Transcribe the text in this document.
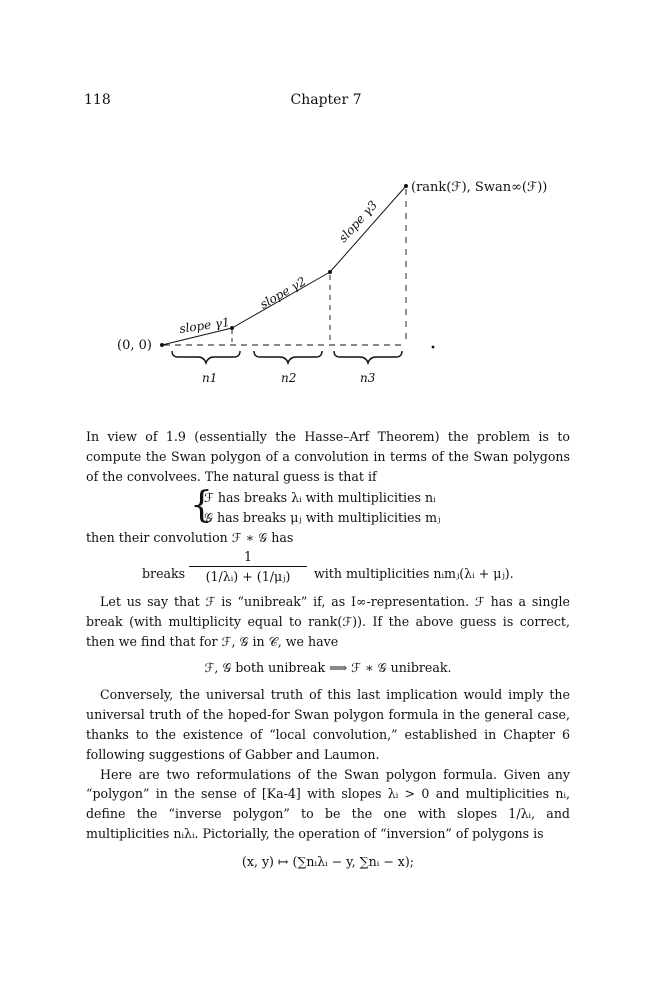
118	Chapter 7
(0, 0)
(rank(ℱ), Swan∞(ℱ))
slope γ1
slope γ2
slope γ3
n1	n2	n3

In view of 1.9 (essentially the Hasse–Arf Theorem) the problem is to compute the Swan polygon of a convolution in terms of the Swan polygons of the convolvees. The natural guess is that if

{
ℱ has breaks λᵢ with multiplicities nᵢ
𝒢 has breaks μⱼ with multiplicities mⱼ

then their convolution ℱ ∗ 𝒢 has

breaks $\frac{1}{\text{(1/λᵢ) + (1/μⱼ)}}$ with multiplicities nᵢmⱼ(λᵢ + μⱼ).

Let us say that ℱ is “unibreak” if, as I∞-representation. ℱ has a single break (with multiplicity equal to rank(ℱ)). If the above guess is correct, then we find that for ℱ, 𝒢 in 𝒞, we have

ℱ, 𝒢 both unibreak ⟹ ℱ ∗ 𝒢 unibreak.

Conversely, the universal truth of this last implication would imply the universal truth of the hoped-for Swan polygon formula in the general case, thanks to the existence of “local convolution,” established in Chapter 6 following suggestions of Gabber and Laumon.

Here are two reformulations of the Swan polygon formula. Given any “polygon” in the sense of [Ka-4] with slopes λᵢ > 0 and multiplicities nᵢ, define the “inverse polygon” to be the one with slopes 1/λᵢ, and multiplicities nᵢλᵢ. Pictorially, the operation of “inversion” of polygons is

(x, y) ↦ (∑nᵢλᵢ − y, ∑nᵢ − x);
